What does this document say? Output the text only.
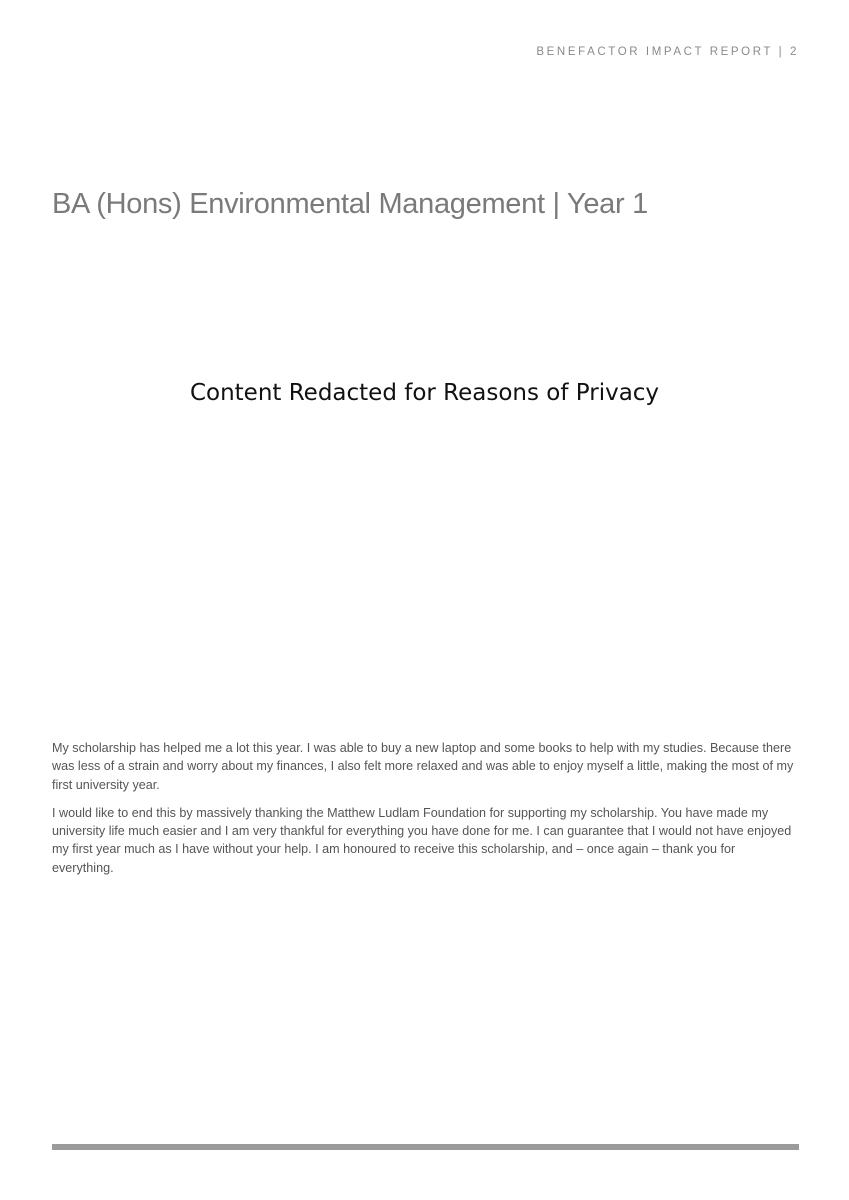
BENEFACTOR IMPACT REPORT | 2
BA (Hons) Environmental Management | Year 1
Content Redacted for Reasons of Privacy

My scholarship has helped me a lot this year. I was able to buy a new laptop and some books to help with my studies. Because there was less of a strain and worry about my finances, I also felt more relaxed and was able to enjoy myself a little, making the most of my first university year.

I would like to end this by massively thanking the Matthew Ludlam Foundation for supporting my scholarship. You have made my university life much easier and I am very thankful for everything you have done for me. I can guarantee that I would not have enjoyed my first year much as I have without your help. I am honoured to receive this scholarship, and – once again – thank you for everything.
